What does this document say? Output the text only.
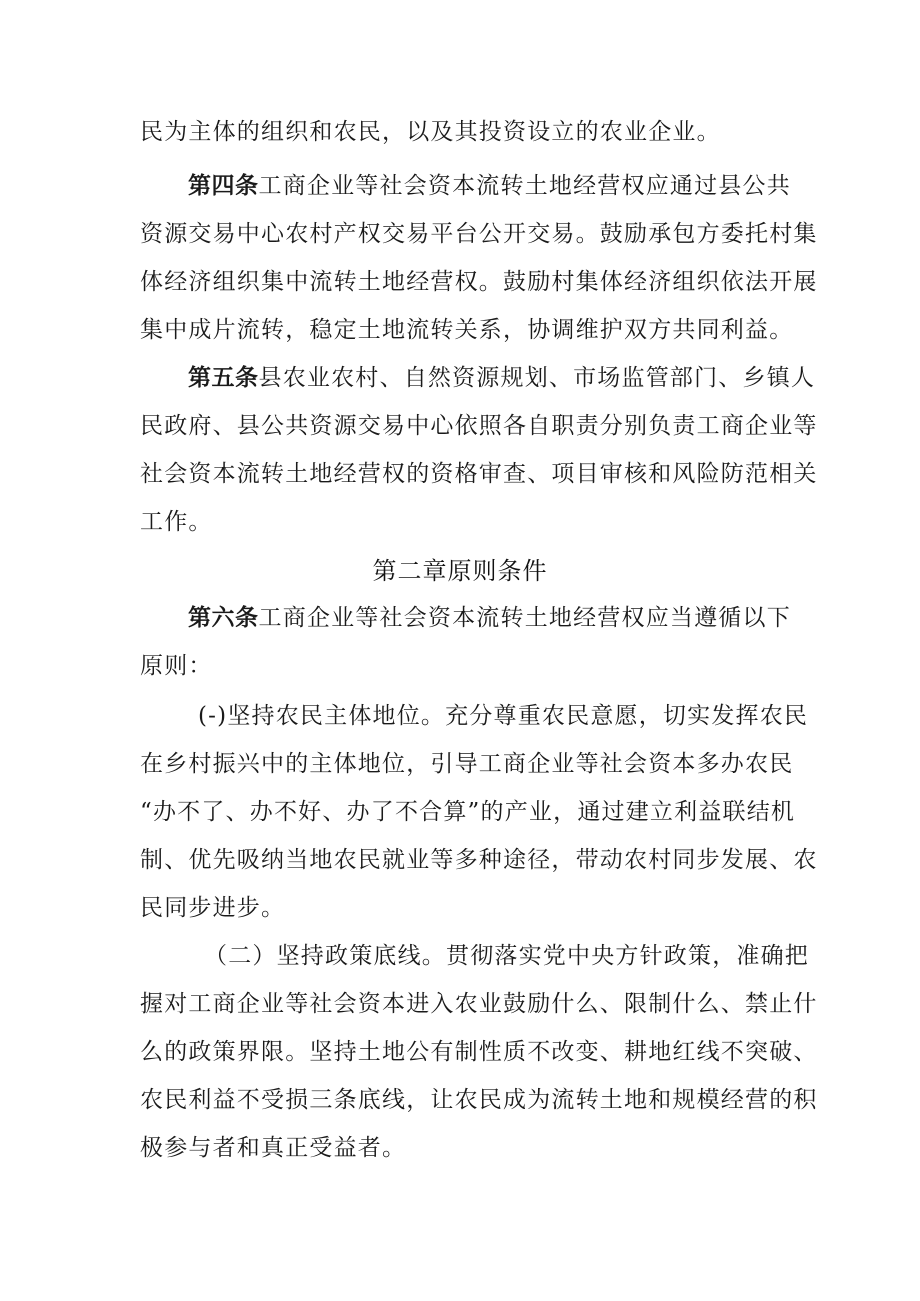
民为主体的组织和农民，以及其投资设立的农业企业。
第四条工商企业等社会资本流转土地经营权应通过县公共
资源交易中心农村产权交易平台公开交易。鼓励承包方委托村集
体经济组织集中流转土地经营权。鼓励村集体经济组织依法开展
集中成片流转，稳定土地流转关系，协调维护双方共同利益。
第五条县农业农村、自然资源规划、市场监管部门、乡镇人
民政府、县公共资源交易中心依照各自职责分别负责工商企业等
社会资本流转土地经营权的资格审查、项目审核和风险防范相关
工作。
第二章原则条件
第六条工商企业等社会资本流转土地经营权应当遵循以下
原则：
(-)坚持农民主体地位。充分尊重农民意愿，切实发挥农民
在乡村振兴中的主体地位，引导工商企业等社会资本多办农民
“办不了、办不好、办了不合算”的产业，通过建立利益联结机
制、优先吸纳当地农民就业等多种途径，带动农村同步发展、农
民同步进步。
（二）坚持政策底线。贯彻落实党中央方针政策，准确把
握对工商企业等社会资本进入农业鼓励什么、限制什么、禁止什
么的政策界限。坚持土地公有制性质不改变、耕地红线不突破、
农民利益不受损三条底线，让农民成为流转土地和规模经营的积
极参与者和真正受益者。
